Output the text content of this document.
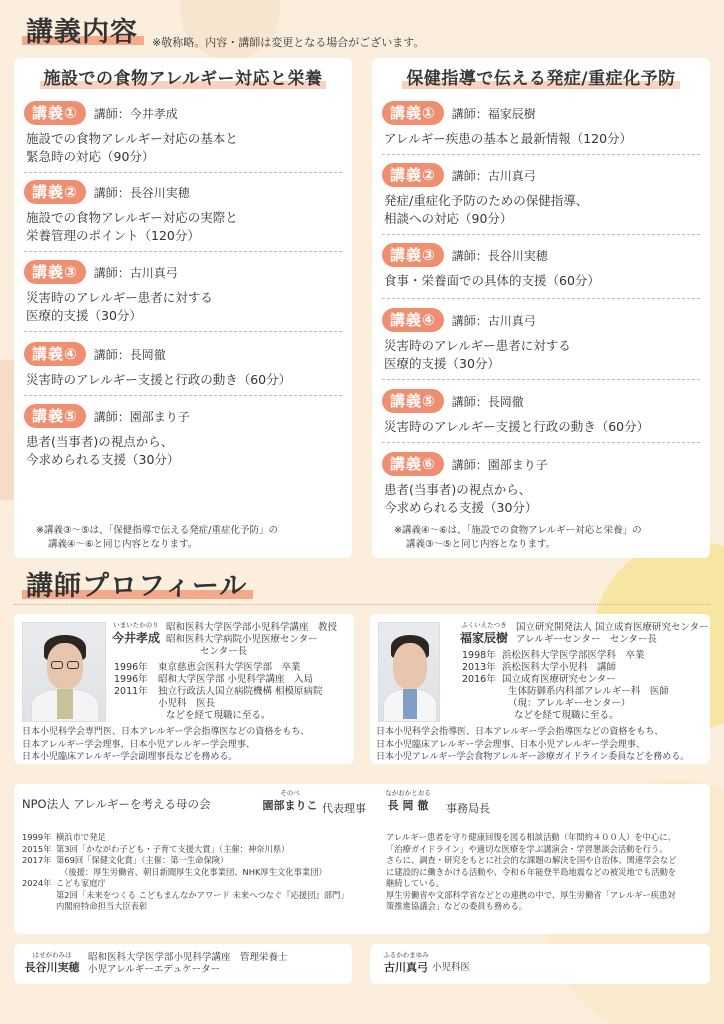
講義内容	※敬称略。内容・講師は変更となる場合がございます。
施設での食物アレルギー対応と栄養
講義①	講師：今井孝成
施設での食物アレルギー対応の基本と
緊急時の対応（90分）
講義②	講師：長谷川実穂
施設での食物アレルギー対応の実際と
栄養管理のポイント（120分）
講義③	講師：古川真弓
災害時のアレルギー患者に対する
医療的支援（30分）
講義④	講師：長岡徹
災害時のアレルギー支援と行政の動き（60分）
講義⑤	講師：園部まり子
患者(当事者)の視点から、
今求められる支援（30分）
※講義③～⑤は、「保健指導で伝える発症/重症化予防」の
講義④～⑥と同じ内容となります。
保健指導で伝える発症/重症化予防
講義①	講師：福家辰樹
アレルギー疾患の基本と最新情報（120分）
講義②	講師：古川真弓
発症/重症化予防のための保健指導、
相談への対応（90分）
講義③	講師：長谷川実穂
食事・栄養面での具体的支援（60分）
講義④	講師：古川真弓
災害時のアレルギー患者に対する
医療的支援（30分）
講義⑤	講師：長岡徹
災害時のアレルギー支援と行政の動き（60分）
講義⑥	講師：園部まり子
患者(当事者)の視点から、
今求められる支援（30分）
※講義④～⑥は、「施設での食物アレルギー対応と栄養」の
講義③～⑤と同じ内容となります。
講師プロフィール
いまいたかのり
今井孝成
昭和医科大学医学部小児科学講座　教授
昭和医科大学病院小児医療センター
センター長
1996年 東京慈恵会医科大学医学部　卒業
1996年 昭和大学医学部 小児科学講座　入局
2011年 独立行政法人国立病院機構 相模原病院
小児科　医長
などを経て現職に至る。
日本小児科学会専門医、日本アレルギー学会指導医などの資格をもち、
日本アレルギー学会理事、日本小児アレルギー学会理事、
日本小児臨床アレルギー学会副理事長などを務める。
ふくいえたつき
福家辰樹
国立研究開発法人 国立成育医療研究センター
アレルギーセンター　センター長
1998年 浜松医科大学医学部医学科　卒業
2013年 浜松医科大学小児科　講師
2016年 国立成育医療研究センター
生体防御系内科部アレルギー科　医師
（現：アレルギーセンター）
などを経て現職に至る。
日本小児科学会指導医、日本アレルギー学会指導医などの資格をもち、
日本小児臨床アレルギー学会理事、日本小児アレルギー学会理事、
日本小児アレルギー学会食物アレルギー診療ガイドライン委員などを務める。
NPO法人 アレルギーを考える母の会
そのべ
園部まりこ 代表理事
ながおかとおる
長 岡 徹	事務局長
1999年 横浜市で発足
2015年 第3回「かながわ子ども・子育て支援大賞」（主催：神奈川県）
2017年 第69回「保健文化賞」（主催：第一生命保険）
（後援：厚生労働省、朝日新聞厚生文化事業団、NHK厚生文化事業団）
2024年 こども家庭庁
第2回「未来をつくる こどもまんなかアワード 未来へつなぐ『応援団』部門」
内閣府特命担当大臣表彰
アレルギー患者を守り健康回復を図る相談活動（年間約４００人）を中心に、
「治療ガイドライン」や適切な医療を学ぶ講演会・学習懇談会活動を行う。
さらに、調査・研究をもとに社会的な課題の解決を国や自治体、関連学会など
に建設的に働きかける活動や、令和６年能登半島地震などの被災地でも活動を
継続している。
厚生労働省や文部科学省などとの連携の中で、厚生労働省「アレルギー疾患対
策推進協議会」などの委員も務める。
はせがわみほ
長谷川実穂
昭和医科大学医学部小児科学講座　管理栄養士
小児アレルギーエデュケーター
ふるかわまゆみ
古川真弓 小児科医
